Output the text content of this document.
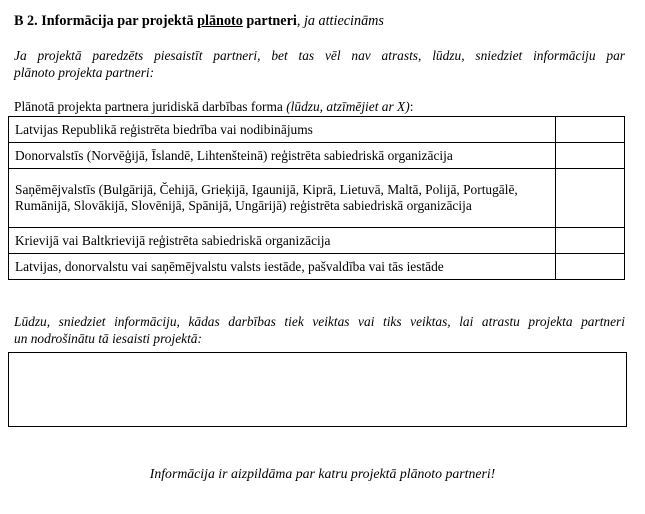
B 2. Informācija par projektā plānoto partneri, ja attiecināms
Ja projektā paredzēts piesaistīt partneri, bet tas vēl nav atrasts, lūdzu, sniedziet informāciju par
plānoto projekta partneri:
Plānotā projekta partnera juridiskā darbības forma (lūdzu, atzīmējiet ar X):
Latvijas Republikā reģistrēta biedrība vai nodibinājums	
Donorvalstīs (Norvēģijā, Īslandē, Lihtenšteinā) reģistrēta sabiedriskā organizācija	
Saņēmējvalstīs (Bulgārijā, Čehijā, Grieķijā, Igaunijā, Kiprā, Lietuvā, Maltā, Polijā, Portugālē, Rumānijā, Slovākijā, Slovēnijā, Spānijā, Ungārijā) reģistrēta sabiedriskā organizācija	
Krievijā vai Baltkrievijā reģistrēta sabiedriskā organizācija	
Latvijas, donorvalstu vai saņēmējvalstu valsts iestāde, pašvaldība vai tās iestāde	
Lūdzu, sniedziet informāciju, kādas darbības tiek veiktas vai tiks veiktas, lai atrastu projekta partneri
un nodrošinātu tā iesaisti projektā:
Informācija ir aizpildāma par katru projektā plānoto partneri!
